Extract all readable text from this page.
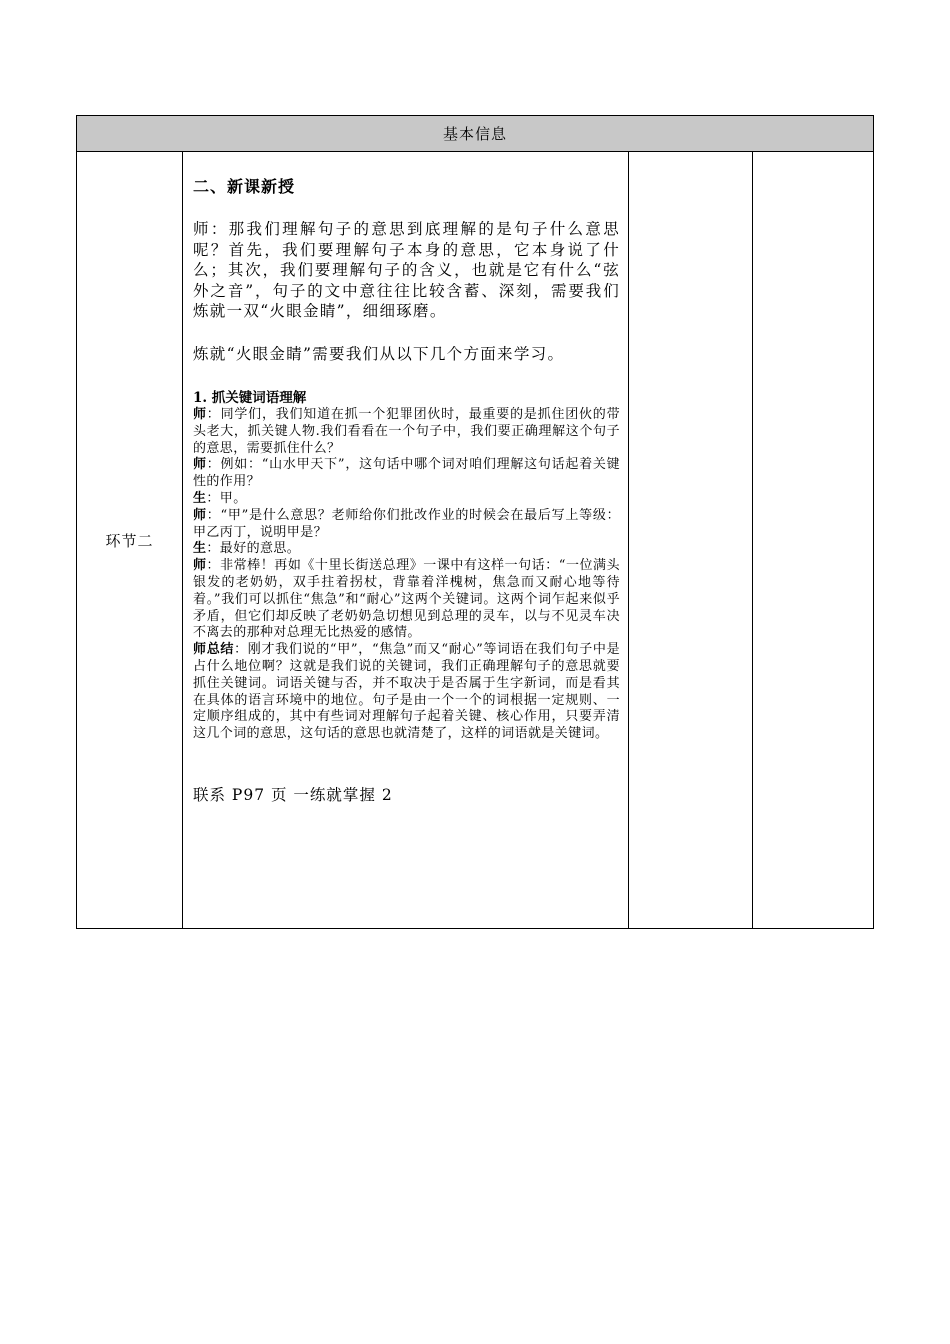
基本信息
环节二	
二、新课新授
师：那我们理解句子的意思到底理解的是句子什么意思呢？首先，我们要理解句子本身的意思，它本身说了什么；其次，我们要理解句子的含义，也就是它有什么“弦外之音”，句子的文中意往往比较含蓄、深刻，需要我们炼就一双“火眼金睛”，细细琢磨。
炼就“火眼金睛”需要我们从以下几个方面来学习。
1. 抓关键词语理解
师：同学们，我们知道在抓一个犯罪团伙时，最重要的是抓住团伙的带头老大，抓关键人物.我们看看在一个句子中，我们要正确理解这个句子的意思，需要抓住什么？
师：例如：“山水甲天下”，这句话中哪个词对咱们理解这句话起着关键性的作用？
生：甲。
师：“甲”是什么意思？老师给你们批改作业的时候会在最后写上等级：甲乙丙丁，说明甲是？
生：最好的意思。
师：非常棒！再如《十里长街送总理》一课中有这样一句话：“一位满头银发的老奶奶，双手拄着拐杖，背靠着洋槐树，焦急而又耐心地等待着。”我们可以抓住“焦急”和“耐心”这两个关键词。这两个词乍起来似乎矛盾，但它们却反映了老奶奶急切想见到总理的灵车，以与不见灵车决不离去的那种对总理无比热爱的感情。
师总结：刚才我们说的“甲”，“焦急”而又“耐心”等词语在我们句子中是占什么地位啊？这就是我们说的关键词，我们正确理解句子的意思就要抓住关键词。词语关键与否，并不取决于是否属于生字新词，而是看其在具体的语言环境中的地位。句子是由一个一个的词根据一定规则、一定顺序组成的，其中有些词对理解句子起着关键、核心作用，只要弄清这几个词的意思，这句话的意思也就清楚了，这样的词语就是关键词。
联系 P97 页 一练就掌握 2
